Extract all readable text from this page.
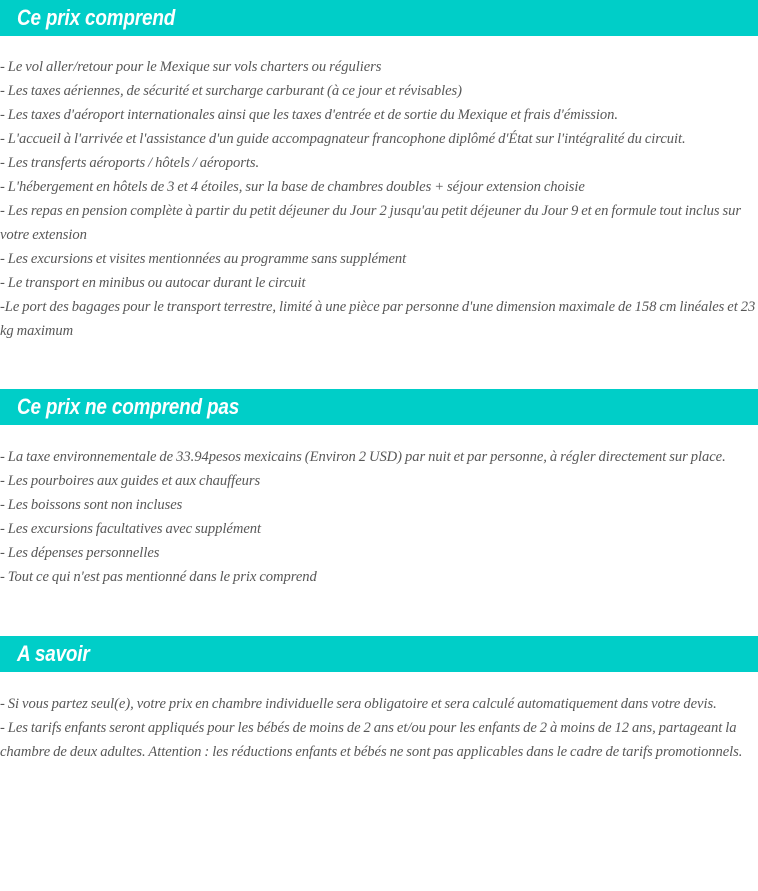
Ce prix comprend

- Le vol aller/retour pour le Mexique sur vols charters ou réguliers

- Les taxes aériennes, de sécurité et surcharge carburant (à ce jour et révisables)

- Les taxes d'aéroport internationales ainsi que les taxes d'entrée et de sortie du Mexique et frais d'émission.

- L'accueil à l'arrivée et l'assistance d'un guide accompagnateur francophone diplômé d'État sur l'intégralité du circuit.

- Les transferts aéroports / hôtels / aéroports.

- L'hébergement en hôtels de 3 et 4 étoiles, sur la base de chambres doubles + séjour extension choisie

- Les repas en pension complète à partir du petit déjeuner du Jour 2 jusqu'au petit déjeuner du Jour 9 et en formule tout inclus sur votre extension

- Les excursions et visites mentionnées au programme sans supplément

- Le transport en minibus ou autocar durant le circuit

-Le port des bagages pour le transport terrestre, limité à une pièce par personne d'une dimension maximale de 158 cm linéales et 23 kg maximum

Ce prix ne comprend pas

- La taxe environnementale de 33.94pesos mexicains (Environ 2 USD) par nuit et par personne, à régler directement sur place.

- Les pourboires aux guides et aux chauffeurs

- Les boissons sont non incluses

- Les excursions facultatives avec supplément

- Les dépenses personnelles

- Tout ce qui n'est pas mentionné dans le prix comprend

A savoir

- Si vous partez seul(e), votre prix en chambre individuelle sera obligatoire et sera calculé automatiquement dans votre devis.

- Les tarifs enfants seront appliqués pour les bébés de moins de 2 ans et/ou pour les enfants de 2 à moins de 12 ans, partageant la chambre de deux adultes. Attention : les réductions enfants et bébés ne sont pas applicables dans le cadre de tarifs promotionnels.
